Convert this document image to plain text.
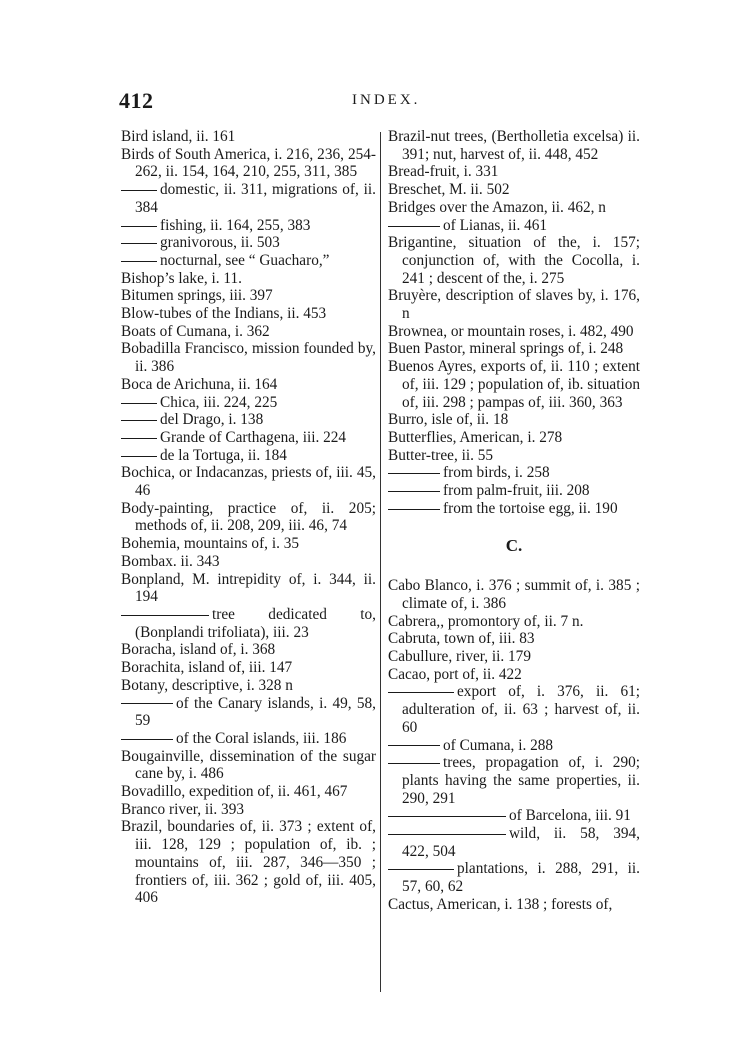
412	INDEX.
Bird island, ii. 161
Birds of South America, i. 216, 236, 254-262, ii. 154, 164, 210, 255, 311, 385
domestic, ii. 311, migrations of, ii. 384
fishing, ii. 164, 255, 383
granivorous, ii. 503
nocturnal, see “ Guacharo,”
Bishop’s lake, i. 11.
Bitumen springs, iii. 397
Blow-tubes of the Indians, ii. 453
Boats of Cumana, i. 362
Bobadilla Francisco, mission founded by, ii. 386
Boca de Arichuna, ii. 164
Chica, iii. 224, 225
del Drago, i. 138
Grande of Carthagena, iii. 224
de la Tortuga, ii. 184
Bochica, or Indacanzas, priests of, iii. 45, 46
Body-painting, practice of, ii. 205; methods of, ii. 208, 209, iii. 46, 74
Bohemia, mountains of, i. 35
Bombax. ii. 343
Bonpland, M. intrepidity of, i. 344, ii. 194
tree dedicated to, (Bonplandi trifoliata), iii. 23
Boracha, island of, i. 368
Borachita, island of, iii. 147
Botany, descriptive, i. 328 n
of the Canary islands, i. 49, 58, 59
of the Coral islands, iii. 186
Bougainville, dissemination of the sugar cane by, i. 486
Bovadillo, expedition of, ii. 461, 467
Branco river, ii. 393
Brazil, boundaries of, ii. 373 ; extent of, iii. 128, 129 ; population of, ib. ; mountains of, iii. 287, 346—350 ; frontiers of, iii. 362 ; gold of, iii. 405, 406
Brazil-nut trees, (Bertholletia excelsa) ii. 391; nut, harvest of, ii. 448, 452
Bread-fruit, i. 331
Breschet, M. ii. 502
Bridges over the Amazon, ii. 462, n
of Lianas, ii. 461
Brigantine, situation of the, i. 157; conjunction of, with the Cocolla, i. 241 ; descent of the, i. 275
Bruyère, description of slaves by, i. 176, n
Brownea, or mountain roses, i. 482, 490
Buen Pastor, mineral springs of, i. 248
Buenos Ayres, exports of, ii. 110 ; extent of, iii. 129 ; population of, ib. situation of, iii. 298 ; pampas of, iii. 360, 363
Burro, isle of, ii. 18
Butterflies, American, i. 278
Butter-tree, ii. 55
from birds, i. 258
from palm-fruit, iii. 208
from the tortoise egg, ii. 190
C.
Cabo Blanco, i. 376 ; summit of, i. 385 ; climate of, i. 386
Cabrera,, promontory of, ii. 7 n.
Cabruta, town of, iii. 83
Cabullure, river, ii. 179
Cacao, port of, ii. 422
export of, i. 376, ii. 61; adulteration of, ii. 63 ; harvest of, ii. 60
of Cumana, i. 288
trees, propagation of, i. 290; plants having the same properties, ii. 290, 291
of Barcelona, iii. 91
wild, ii. 58, 394, 422, 504
plantations, i. 288, 291, ii. 57, 60, 62
Cactus, American, i. 138 ; forests of,
